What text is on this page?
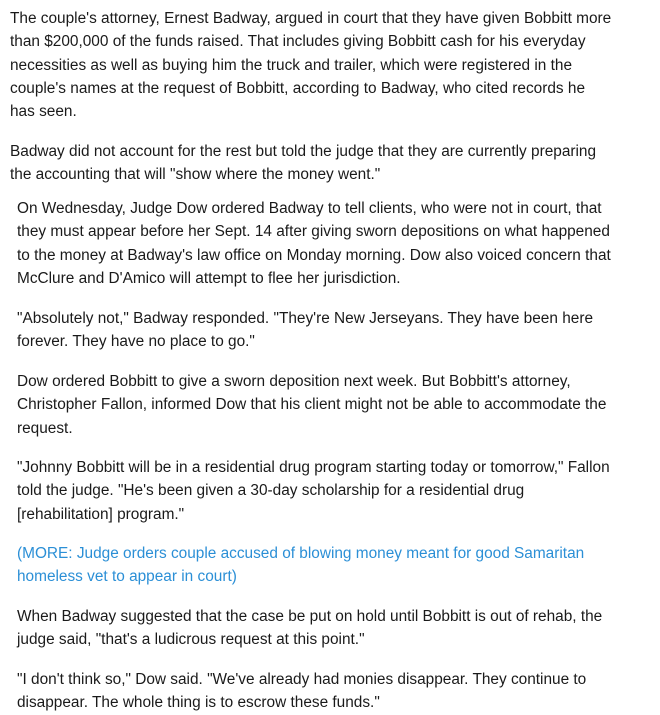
The couple's attorney, Ernest Badway, argued in court that they have given Bobbitt more
than $200,000 of the funds raised. That includes giving Bobbitt cash for his everyday
necessities as well as buying him the truck and trailer, which were registered in the
couple's names at the request of Bobbitt, according to Badway, who cited records he
has seen.

Badway did not account for the rest but told the judge that they are currently preparing
the accounting that will "show where the money went."

On Wednesday, Judge Dow ordered Badway to tell clients, who were not in court, that
they must appear before her Sept. 14 after giving sworn depositions on what happened
to the money at Badway's law office on Monday morning. Dow also voiced concern that
McClure and D'Amico will attempt to flee her jurisdiction.

"Absolutely not," Badway responded. "They're New Jerseyans. They have been here
forever. They have no place to go."

Dow ordered Bobbitt to give a sworn deposition next week. But Bobbitt's attorney,
Christopher Fallon, informed Dow that his client might not be able to accommodate the
request.

"Johnny Bobbitt will be in a residential drug program starting today or tomorrow," Fallon
told the judge. "He's been given a 30-day scholarship for a residential drug
[rehabilitation] program."

(MORE: Judge orders couple accused of blowing money meant for good Samaritan
homeless vet to appear in court)

When Badway suggested that the case be put on hold until Bobbitt is out of rehab, the
judge said, "that's a ludicrous request at this point."

"I don't think so," Dow said. "We've already had monies disappear. They continue to
disappear. The whole thing is to escrow these funds."
